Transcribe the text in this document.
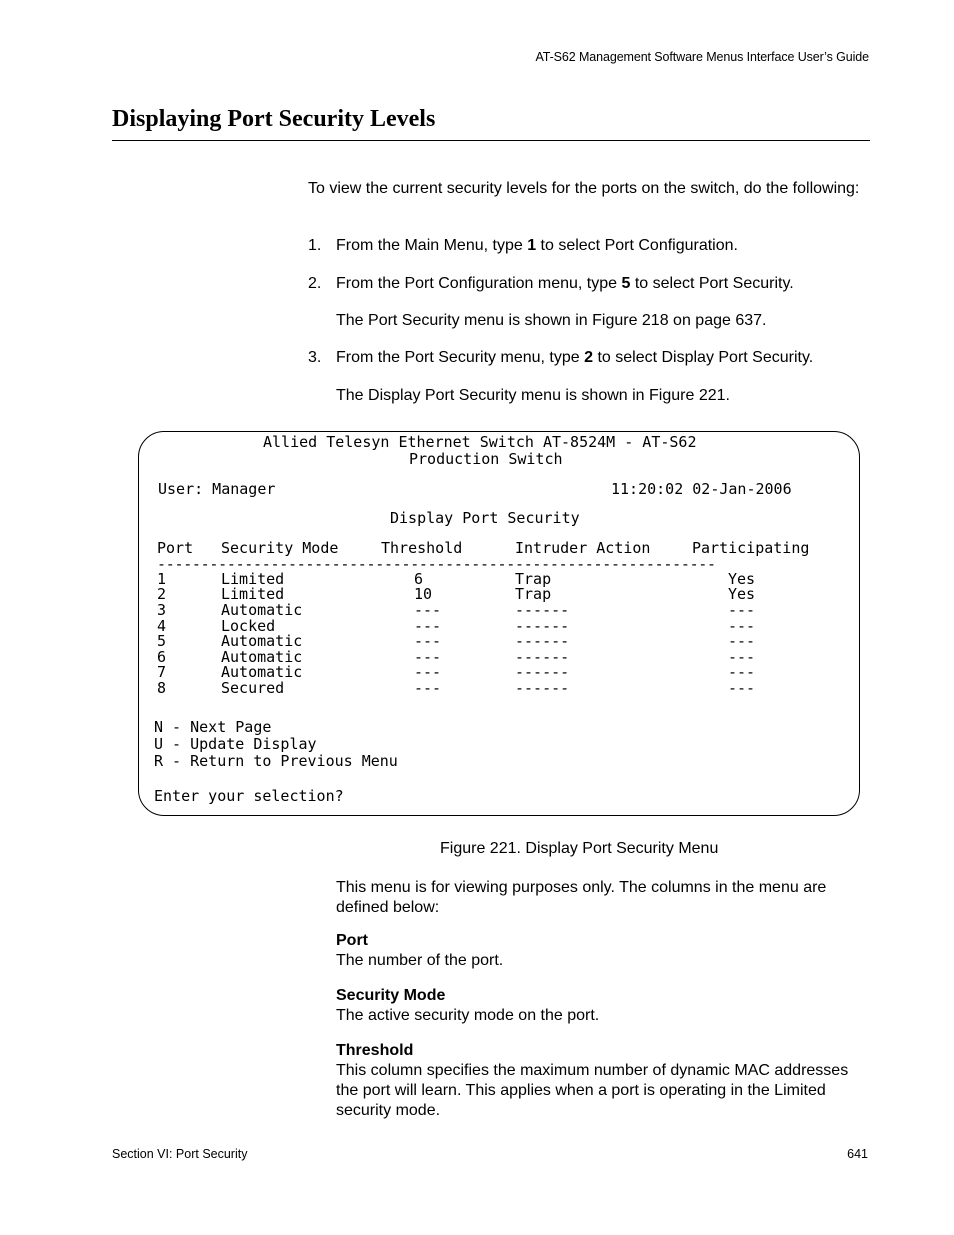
AT-S62 Management Software Menus Interface User’s Guide
Displaying Port Security Levels
To view the current security levels for the ports on the switch, do the following:
1. From the Main Menu, type 1 to select Port Configuration.
2. From the Port Configuration menu, type 5 to select Port Security.
The Port Security menu is shown in Figure 218 on page 637.
3. From the Port Security menu, type 2 to select Display Port Security.
The Display Port Security menu is shown in Figure 221.
Allied Telesyn Ethernet Switch AT-8524M - AT-S62
Production Switch
User: Manager	11:20:02 02-Jan-2006
Display Port Security
Port Security Mode	Threshold	Intruder Action	Participating
----------------------------------------------------------------
1	Limited	6	Trap	Yes
2	Limited	10	Trap	Yes
3	Automatic	---	------	---
4	Locked	---	------	---
5	Automatic	---	------	---
6	Automatic	---	------	---
7	Automatic	---	------	---
8	Secured	---	------	---
N - Next Page
U - Update Display
R - Return to Previous Menu
Enter your selection?
Figure 221. Display Port Security Menu
This menu is for viewing purposes only. The columns in the menu are defined below:
Port
The number of the port.
Security Mode
The active security mode on the port.
Threshold
This column specifies the maximum number of dynamic MAC addresses the port will learn. This applies when a port is operating in the Limited security mode.
Section VI: Port Security	641
